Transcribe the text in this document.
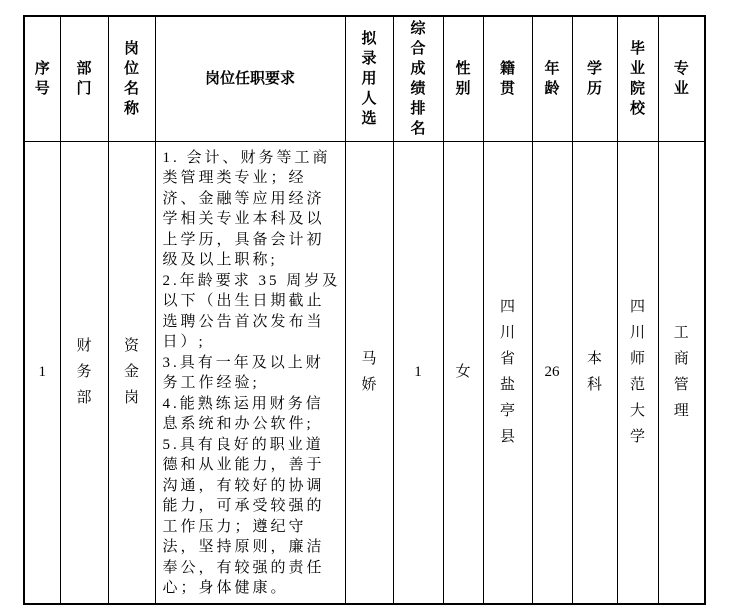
序号	部门	岗位名称	岗位任职要求	拟录用人选	综合成绩排名	性别	籍贯	年龄	学历	毕业院校	专业
1	财务部	资金岗	1. 会计、财务等工商类管理类专业；经济、金融等应用经济学相关专业本科及以上学历，具备会计初级及以上职称;

2.年龄要求 35 周岁及以下（出生日期截止选聘公告首次发布当日）;

3.具有一年及以上财务工作经验;

4.能熟练运用财务信息系统和办公软件;

5.具有良好的职业道德和从业能力，善于沟通，有较好的协调能力，可承受较强的工作压力；遵纪守法，坚持原则，廉洁奉公，有较强的责任心；身体健康。	马娇	1	女	四川省盐亭县	26	本科	四川师范大学	工商管理
